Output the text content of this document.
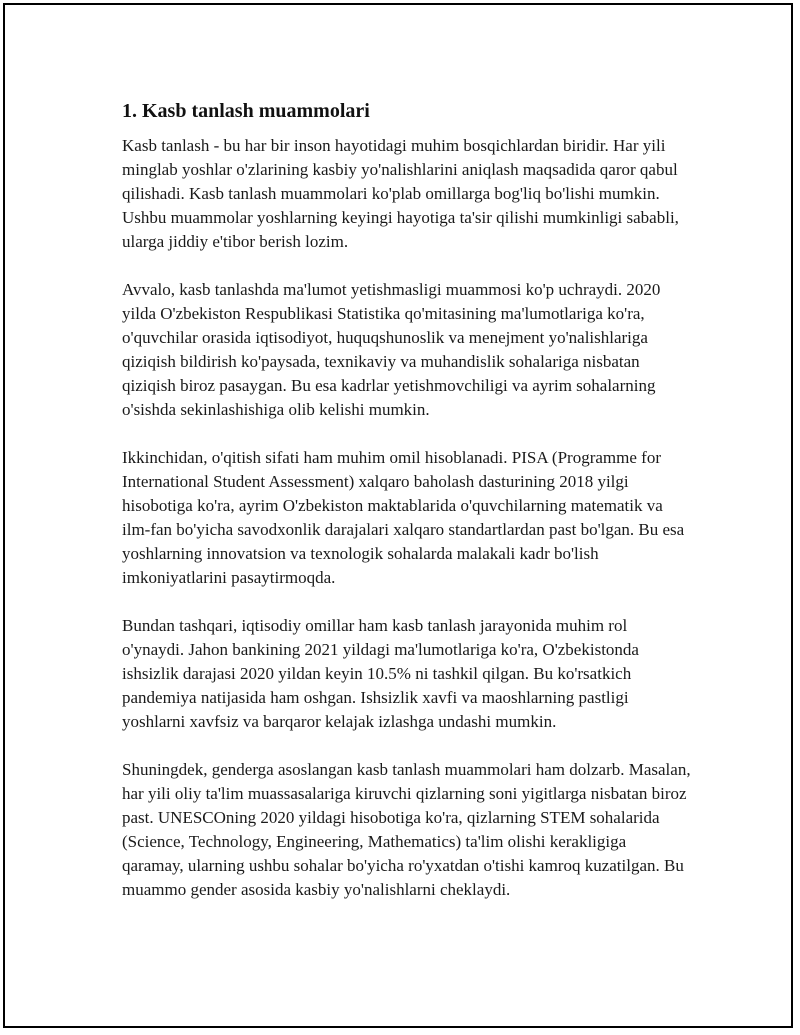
1. Kasb tanlash muammolari

Kasb tanlash - bu har bir inson hayotidagi muhim bosqichlardan biridir. Har yili minglab yoshlar o'zlarining kasbiy yo'nalishlarini aniqlash maqsadida qaror qabul qilishadi. Kasb tanlash muammolari ko'plab omillarga bog'liq bo'lishi mumkin. Ushbu muammolar yoshlarning keyingi hayotiga ta'sir qilishi mumkinligi sababli, ularga jiddiy e'tibor berish lozim.

Avvalo, kasb tanlashda ma'lumot yetishmasligi muammosi ko'p uchraydi. 2020 yilda O'zbekiston Respublikasi Statistika qo'mitasining ma'lumotlariga ko'ra, o'quvchilar orasida iqtisodiyot, huquqshunoslik va menejment yo'nalishlariga qiziqish bildirish ko'paysada, texnikaviy va muhandislik sohalariga nisbatan qiziqish biroz pasaygan. Bu esa kadrlar yetishmovchiligi va ayrim sohalarning o'sishda sekinlashishiga olib kelishi mumkin.

Ikkinchidan, o'qitish sifati ham muhim omil hisoblanadi. PISA (Programme for International Student Assessment) xalqaro baholash dasturining 2018 yilgi hisobotiga ko'ra, ayrim O'zbekiston maktablarida o'quvchilarning matematik va ilm-fan bo'yicha savodxonlik darajalari xalqaro standartlardan past bo'lgan. Bu esa yoshlarning innovatsion va texnologik sohalarda malakali kadr bo'lish imkoniyatlarini pasaytirmoqda.

Bundan tashqari, iqtisodiy omillar ham kasb tanlash jarayonida muhim rol o'ynaydi. Jahon bankining 2021 yildagi ma'lumotlariga ko'ra, O'zbekistonda ishsizlik darajasi 2020 yildan keyin 10.5% ni tashkil qilgan. Bu ko'rsatkich pandemiya natijasida ham oshgan. Ishsizlik xavfi va maoshlarning pastligi yoshlarni xavfsiz va barqaror kelajak izlashga undashi mumkin.

Shuningdek, genderga asoslangan kasb tanlash muammolari ham dolzarb. Masalan, har yili oliy ta'lim muassasalariga kiruvchi qizlarning soni yigitlarga nisbatan biroz past. UNESCOning 2020 yildagi hisobotiga ko'ra, qizlarning STEM sohalarida (Science, Technology, Engineering, Mathematics) ta'lim olishi kerakligiga qaramay, ularning ushbu sohalar bo'yicha ro'yxatdan o'tishi kamroq kuzatilgan. Bu muammo gender asosida kasbiy yo'nalishlarni cheklaydi.
